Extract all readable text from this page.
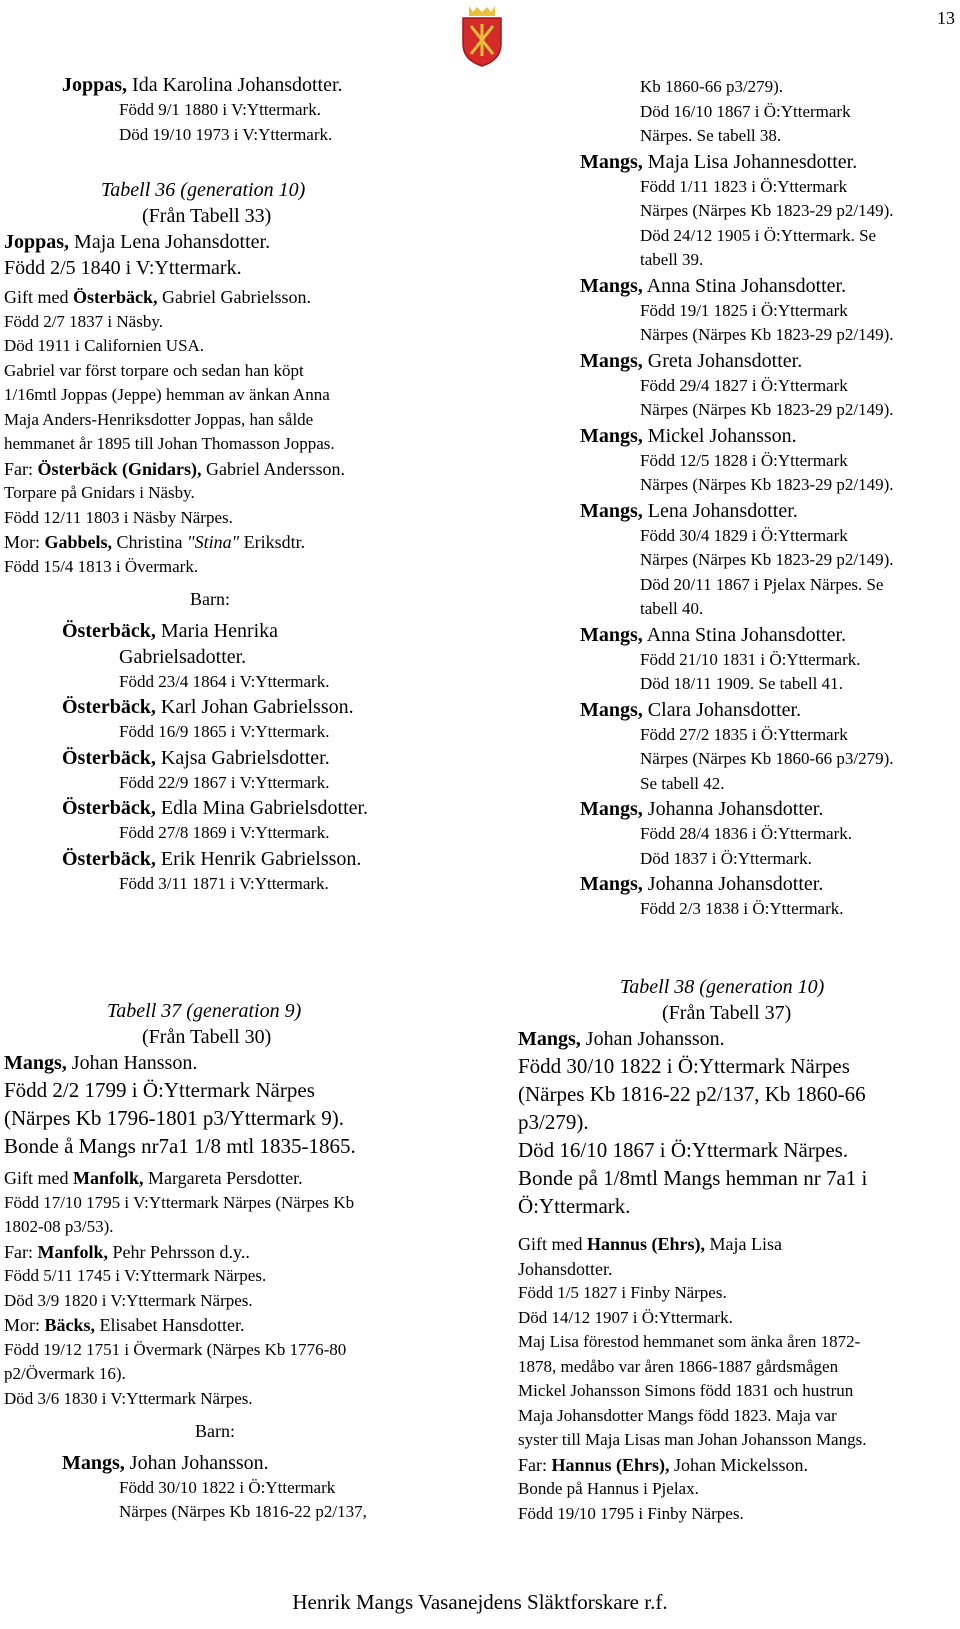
13
Joppas, Ida Karolina Johansdotter.
Född 9/1 1880 i V:Yttermark.
Död 19/10 1973 i V:Yttermark.
Tabell 36 (generation 10)
(Från Tabell 33)
Joppas, Maja Lena Johansdotter.
Född 2/5 1840 i V:Yttermark.
Gift med Österbäck, Gabriel Gabrielsson.
Född 2/7 1837 i Näsby.
Död 1911 i Californien USA.
Gabriel var först torpare och sedan han köpt
1/16mtl Joppas (Jeppe) hemman av änkan Anna
Maja Anders-Henriksdotter Joppas, han sålde
hemmanet år 1895 till Johan Thomasson Joppas.
Far: Österbäck (Gnidars), Gabriel Andersson.
Torpare på Gnidars i Näsby.
Född 12/11 1803 i Näsby Närpes.
Mor: Gabbels, Christina "Stina" Eriksdtr.
Född 15/4 1813 i Övermark.
Barn:
Österbäck, Maria Henrika
Gabrielsadotter.
Född 23/4 1864 i V:Yttermark.
Österbäck, Karl Johan Gabrielsson.
Född 16/9 1865 i V:Yttermark.
Österbäck, Kajsa Gabrielsdotter.
Född 22/9 1867 i V:Yttermark.
Österbäck, Edla Mina Gabrielsdotter.
Född 27/8 1869 i V:Yttermark.
Österbäck, Erik Henrik Gabrielsson.
Född 3/11 1871 i V:Yttermark.
Kb 1860-66 p3/279).
Död 16/10 1867 i Ö:Yttermark
Närpes. Se tabell 38.
Mangs, Maja Lisa Johannesdotter.
Född 1/11 1823 i Ö:Yttermark
Närpes (Närpes Kb 1823-29 p2/149).
Död 24/12 1905 i Ö:Yttermark. Se
tabell 39.
Mangs, Anna Stina Johansdotter.
Född 19/1 1825 i Ö:Yttermark
Närpes (Närpes Kb 1823-29 p2/149).
Mangs, Greta Johansdotter.
Född 29/4 1827 i Ö:Yttermark
Närpes (Närpes Kb 1823-29 p2/149).
Mangs, Mickel Johansson.
Född 12/5 1828 i Ö:Yttermark
Närpes (Närpes Kb 1823-29 p2/149).
Mangs, Lena Johansdotter.
Född 30/4 1829 i Ö:Yttermark
Närpes (Närpes Kb 1823-29 p2/149).
Död 20/11 1867 i Pjelax Närpes. Se
tabell 40.
Mangs, Anna Stina Johansdotter.
Född 21/10 1831 i Ö:Yttermark.
Död 18/11 1909. Se tabell 41.
Mangs, Clara Johansdotter.
Född 27/2 1835 i Ö:Yttermark
Närpes (Närpes Kb 1860-66 p3/279).
Se tabell 42.
Mangs, Johanna Johansdotter.
Född 28/4 1836 i Ö:Yttermark.
Död 1837 i Ö:Yttermark.
Mangs, Johanna Johansdotter.
Född 2/3 1838 i Ö:Yttermark.
Tabell 37 (generation 9)
(Från Tabell 30)
Mangs, Johan Hansson.
Född 2/2 1799 i Ö:Yttermark Närpes
(Närpes Kb 1796-1801 p3/Yttermark 9).
Bonde å Mangs nr7a1 1/8 mtl 1835-1865.
Gift med Manfolk, Margareta Persdotter.
Född 17/10 1795 i V:Yttermark Närpes (Närpes Kb
1802-08 p3/53).
Far: Manfolk, Pehr Pehrsson d.y..
Född 5/11 1745 i V:Yttermark Närpes.
Död 3/9 1820 i V:Yttermark Närpes.
Mor: Bäcks, Elisabet Hansdotter.
Född 19/12 1751 i Övermark (Närpes Kb 1776-80
p2/Övermark 16).
Död 3/6 1830 i V:Yttermark Närpes.
Barn:
Mangs, Johan Johansson.
Född 30/10 1822 i Ö:Yttermark
Närpes (Närpes Kb 1816-22 p2/137,
Tabell 38 (generation 10)
(Från Tabell 37)
Mangs, Johan Johansson.
Född 30/10 1822 i Ö:Yttermark Närpes
(Närpes Kb 1816-22 p2/137, Kb 1860-66
p3/279).
Död 16/10 1867 i Ö:Yttermark Närpes.
Bonde på 1/8mtl Mangs hemman nr 7a1 i
Ö:Yttermark.
Gift med Hannus (Ehrs), Maja Lisa
Johansdotter.
Född 1/5 1827 i Finby Närpes.
Död 14/12 1907 i Ö:Yttermark.
Maj Lisa förestod hemmanet som änka åren 1872-
1878, medåbo var åren 1866-1887 gårdsmågen
Mickel Johansson Simons född 1831 och hustrun
Maja Johansdotter Mangs född 1823. Maja var
syster till Maja Lisas man Johan Johansson Mangs.
Far: Hannus (Ehrs), Johan Mickelsson.
Bonde på Hannus i Pjelax.
Född 19/10 1795 i Finby Närpes.
Henrik Mangs Vasanejdens Släktforskare r.f.
